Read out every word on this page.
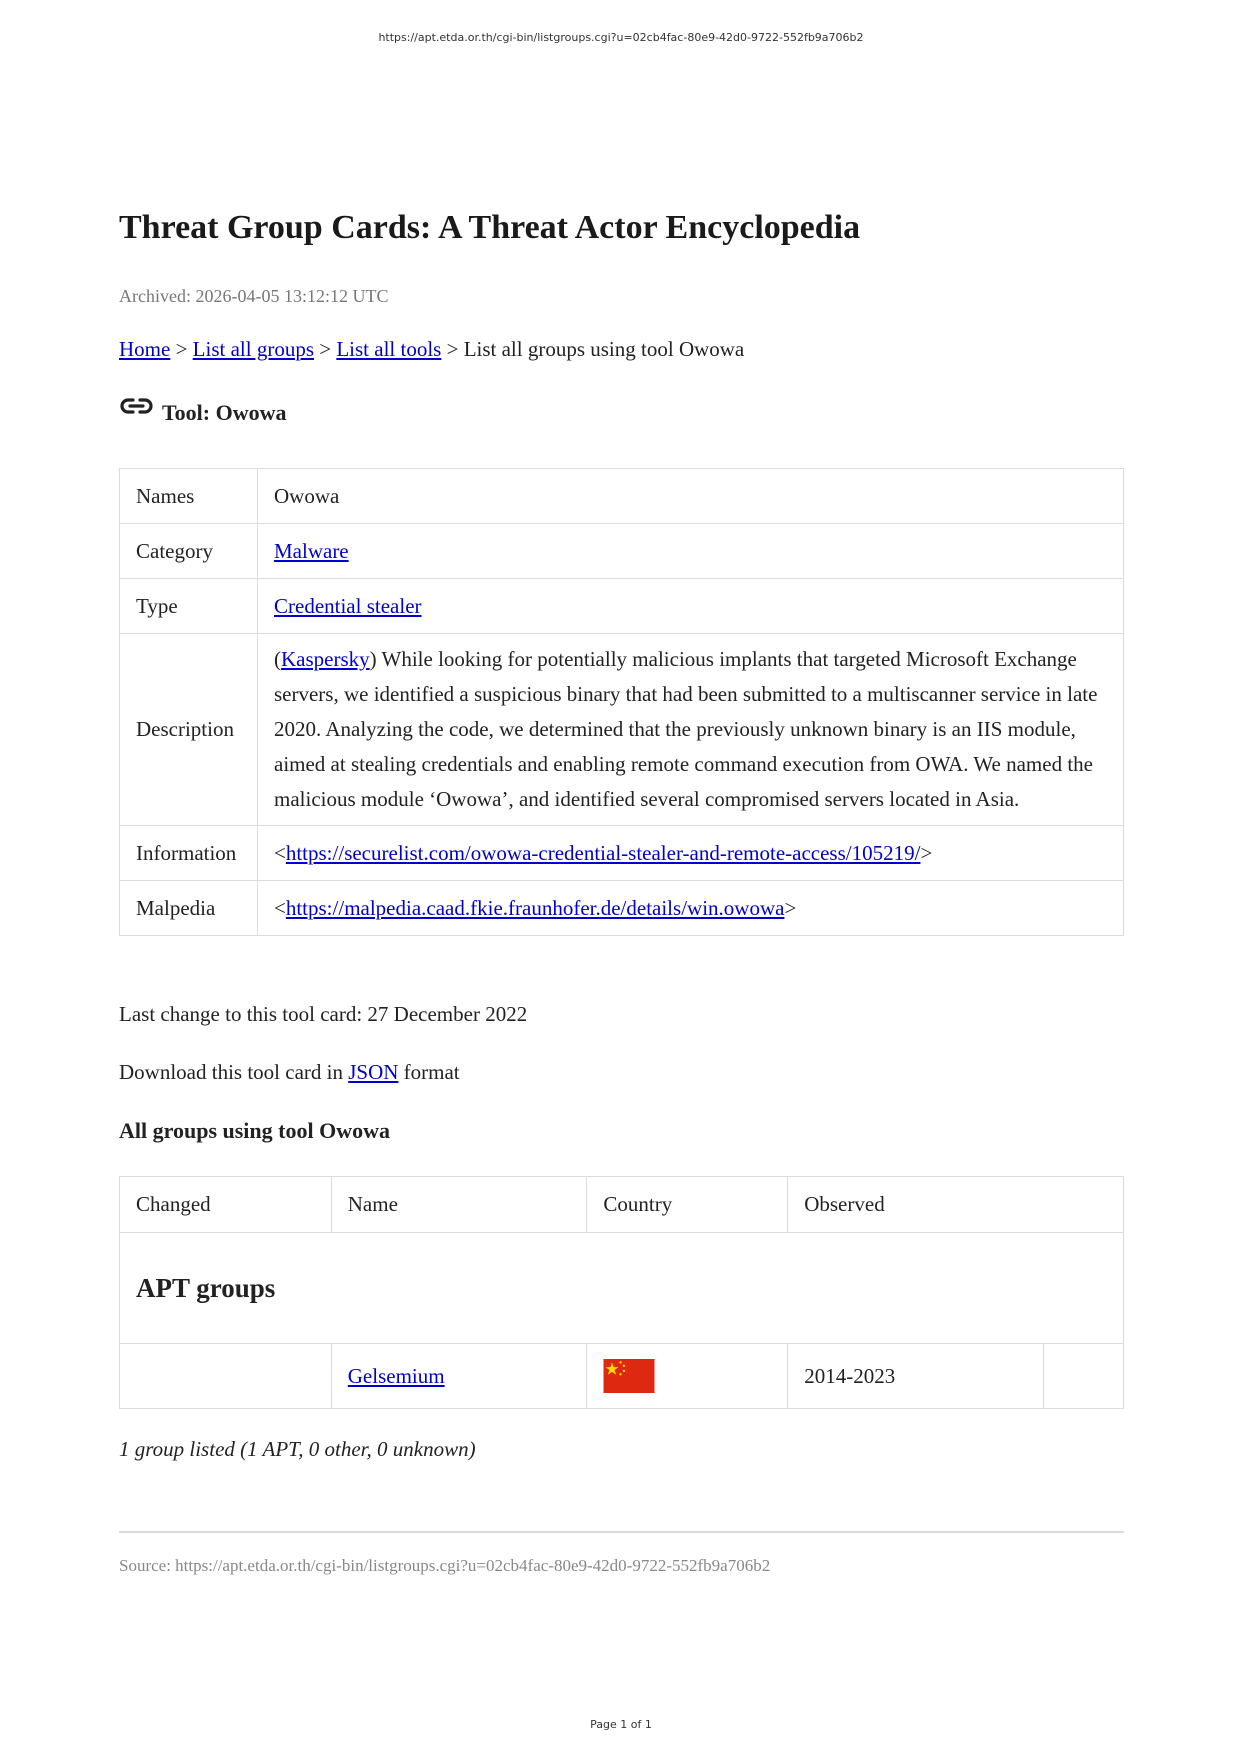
https://apt.etda.or.th/cgi-bin/listgroups.cgi?u=02cb4fac-80e9-42d0-9722-552fb9a706b2
Threat Group Cards: A Threat Actor Encyclopedia
Archived: 2026-04-05 13:12:12 UTC
Home > List all groups > List all tools > List all groups using tool Owowa
Tool: Owowa
Names	Owowa
Category	Malware
Type	Credential stealer
Description	(Kaspersky) While looking for potentially malicious implants that targeted Microsoft Exchange servers, we identified a suspicious binary that had been submitted to a multiscanner service in late 2020. Analyzing the code, we determined that the previously unknown binary is an IIS module, aimed at stealing credentials and enabling remote command execution from OWA. We named the malicious module ‘Owowa’, and identified several compromised servers located in Asia.
Information	<https://securelist.com/owowa-credential-stealer-and-remote-access/105219/>
Malpedia	<https://malpedia.caad.fkie.fraunhofer.de/details/win.owowa>
Last change to this tool card: 27 December 2022
Download this tool card in JSON format
All groups using tool Owowa
Changed	Name	Country	Observed	
APT groups				
	Gelsemium		2014-2023	
1 group listed (1 APT, 0 other, 0 unknown)
Source: https://apt.etda.or.th/cgi-bin/listgroups.cgi?u=02cb4fac-80e9-42d0-9722-552fb9a706b2
Page 1 of 1
